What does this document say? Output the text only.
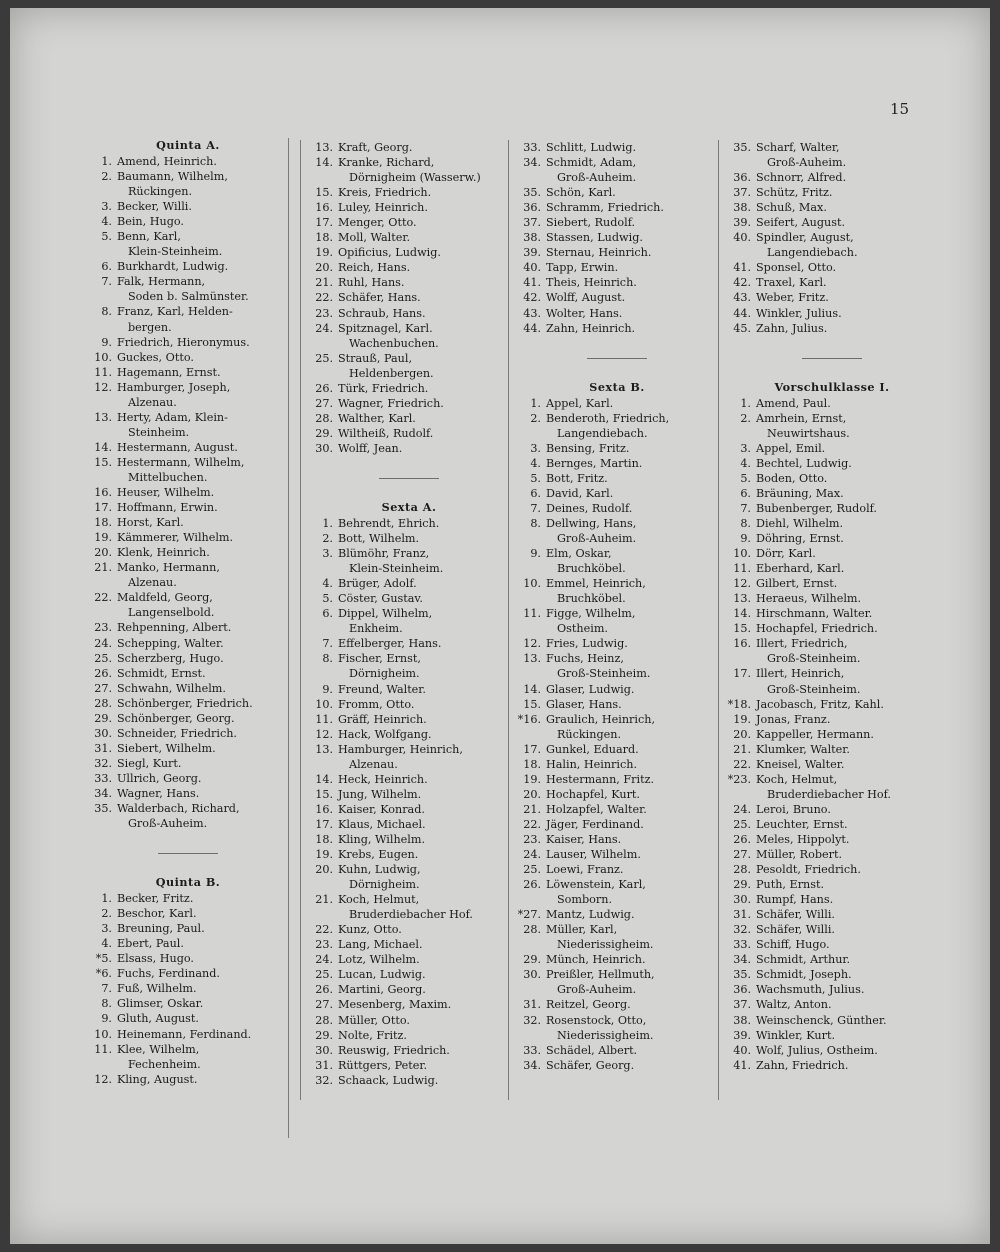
15
Quinta A.
1. Amend, Heinrich.
2. Baumann, Wilhelm,
Rückingen.
3. Becker, Willi.
4. Bein, Hugo.
5. Benn, Karl,
Klein-Steinheim.
6. Burkhardt, Ludwig.
7. Falk, Hermann,
Soden b. Salmünster.
8. Franz, Karl, Helden-
bergen.
9. Friedrich, Hieronymus.
10. Guckes, Otto.
11. Hagemann, Ernst.
12. Hamburger, Joseph,
Alzenau.
13. Herty, Adam, Klein-
Steinheim.
14. Hestermann, August.
15. Hestermann, Wilhelm,
Mittelbuchen.
16. Heuser, Wilhelm.
17. Hoffmann, Erwin.
18. Horst, Karl.
19. Kämmerer, Wilhelm.
20. Klenk, Heinrich.
21. Manko, Hermann,
Alzenau.
22. Maldfeld, Georg,
Langenselbold.
23. Rehpenning, Albert.
24. Schepping, Walter.
25. Scherzberg, Hugo.
26. Schmidt, Ernst.
27. Schwahn, Wilhelm.
28. Schönberger, Friedrich.
29. Schönberger, Georg.
30. Schneider, Friedrich.
31. Siebert, Wilhelm.
32. Siegl, Kurt.
33. Ullrich, Georg.
34. Wagner, Hans.
35. Walderbach, Richard,
Groß-Auheim.
Quinta B.
1. Becker, Fritz.
2. Beschor, Karl.
3. Breuning, Paul.
4. Ebert, Paul.
*5. Elsass, Hugo.
*6. Fuchs, Ferdinand.
7. Fuß, Wilhelm.
8. Glimser, Oskar.
9. Gluth, August.
10. Heinemann, Ferdinand.
11. Klee, Wilhelm,
Fechenheim.
12. Kling, August.
13. Kraft, Georg.
14. Kranke, Richard,
Dörnigheim (Wasserw.)
15. Kreis, Friedrich.
16. Luley, Heinrich.
17. Menger, Otto.
18. Moll, Walter.
19. Opificius, Ludwig.
20. Reich, Hans.
21. Ruhl, Hans.
22. Schäfer, Hans.
23. Schraub, Hans.
24. Spitznagel, Karl.
Wachenbuchen.
25. Strauß, Paul,
Heldenbergen.
26. Türk, Friedrich.
27. Wagner, Friedrich.
28. Walther, Karl.
29. Wiltheiß, Rudolf.
30. Wolff, Jean.
Sexta A.
1. Behrendt, Ehrich.
2. Bott, Wilhelm.
3. Blümöhr, Franz,
Klein-Steinheim.
4. Brüger, Adolf.
5. Cöster, Gustav.
6. Dippel, Wilhelm,
Enkheim.
7. Effelberger, Hans.
8. Fischer, Ernst,
Dörnigheim.
9. Freund, Walter.
10. Fromm, Otto.
11. Gräff, Heinrich.
12. Hack, Wolfgang.
13. Hamburger, Heinrich,
Alzenau.
14. Heck, Heinrich.
15. Jung, Wilhelm.
16. Kaiser, Konrad.
17. Klaus, Michael.
18. Kling, Wilhelm.
19. Krebs, Eugen.
20. Kuhn, Ludwig,
Dörnigheim.
21. Koch, Helmut,
Bruderdiebacher Hof.
22. Kunz, Otto.
23. Lang, Michael.
24. Lotz, Wilhelm.
25. Lucan, Ludwig.
26. Martini, Georg.
27. Mesenberg, Maxim.
28. Müller, Otto.
29. Nolte, Fritz.
30. Reuswig, Friedrich.
31. Rüttgers, Peter.
32. Schaack, Ludwig.
33. Schlitt, Ludwig.
34. Schmidt, Adam,
Groß-Auheim.
35. Schön, Karl.
36. Schramm, Friedrich.
37. Siebert, Rudolf.
38. Stassen, Ludwig.
39. Sternau, Heinrich.
40. Tapp, Erwin.
41. Theis, Heinrich.
42. Wolff, August.
43. Wolter, Hans.
44. Zahn, Heinrich.
Sexta B.
1. Appel, Karl.
2. Benderoth, Friedrich,
Langendiebach.
3. Bensing, Fritz.
4. Bernges, Martin.
5. Bott, Fritz.
6. David, Karl.
7. Deines, Rudolf.
8. Dellwing, Hans,
Groß-Auheim.
9. Elm, Oskar,
Bruchköbel.
10. Emmel, Heinrich,
Bruchköbel.
11. Figge, Wilhelm,
Ostheim.
12. Fries, Ludwig.
13. Fuchs, Heinz,
Groß-Steinheim.
14. Glaser, Ludwig.
15. Glaser, Hans.
*16. Graulich, Heinrich,
Rückingen.
17. Gunkel, Eduard.
18. Halin, Heinrich.
19. Hestermann, Fritz.
20. Hochapfel, Kurt.
21. Holzapfel, Walter.
22. Jäger, Ferdinand.
23. Kaiser, Hans.
24. Lauser, Wilhelm.
25. Loewi, Franz.
26. Löwenstein, Karl,
Somborn.
*27. Mantz, Ludwig.
28. Müller, Karl,
Niederissigheim.
29. Münch, Heinrich.
30. Preißler, Hellmuth,
Groß-Auheim.
31. Reitzel, Georg.
32. Rosenstock, Otto,
Niederissigheim.
33. Schädel, Albert.
34. Schäfer, Georg.
35. Scharf, Walter,
Groß-Auheim.
36. Schnorr, Alfred.
37. Schütz, Fritz.
38. Schuß, Max.
39. Seifert, August.
40. Spindler, August,
Langendiebach.
41. Sponsel, Otto.
42. Traxel, Karl.
43. Weber, Fritz.
44. Winkler, Julius.
45. Zahn, Julius.
Vorschulklasse I.
1. Amend, Paul.
2. Amrhein, Ernst,
Neuwirtshaus.
3. Appel, Emil.
4. Bechtel, Ludwig.
5. Boden, Otto.
6. Bräuning, Max.
7. Bubenberger, Rudolf.
8. Diehl, Wilhelm.
9. Döhring, Ernst.
10. Dörr, Karl.
11. Eberhard, Karl.
12. Gilbert, Ernst.
13. Heraeus, Wilhelm.
14. Hirschmann, Walter.
15. Hochapfel, Friedrich.
16. Illert, Friedrich,
Groß-Steinheim.
17. Illert, Heinrich,
Groß-Steinheim.
*18. Jacobasch, Fritz, Kahl.
19. Jonas, Franz.
20. Kappeller, Hermann.
21. Klumker, Walter.
22. Kneisel, Walter.
*23. Koch, Helmut,
Bruderdiebacher Hof.
24. Leroi, Bruno.
25. Leuchter, Ernst.
26. Meles, Hippolyt.
27. Müller, Robert.
28. Pesoldt, Friedrich.
29. Puth, Ernst.
30. Rumpf, Hans.
31. Schäfer, Willi.
32. Schäfer, Willi.
33. Schiff, Hugo.
34. Schmidt, Arthur.
35. Schmidt, Joseph.
36. Wachsmuth, Julius.
37. Waltz, Anton.
38. Weinschenck, Günther.
39. Winkler, Kurt.
40. Wolf, Julius, Ostheim.
41. Zahn, Friedrich.
